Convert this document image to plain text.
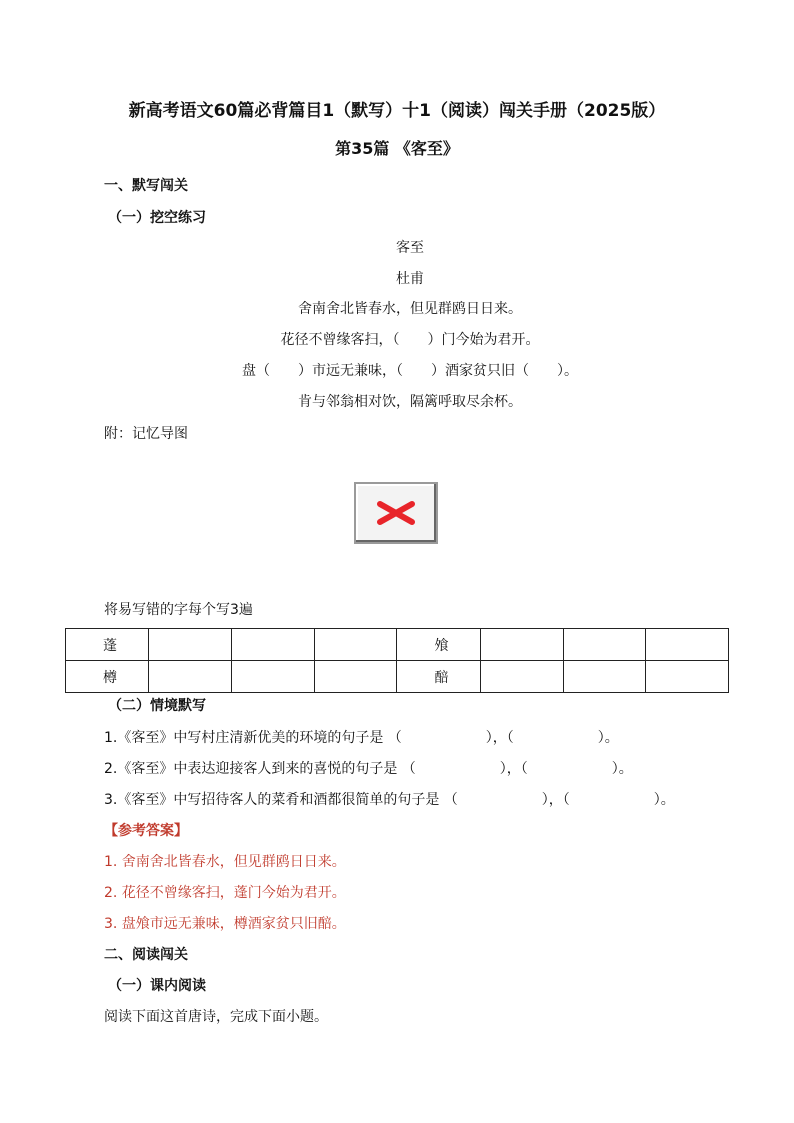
新高考语文60篇必背篇目1（默写）十1（阅读）闯关手册（2025版）
第35篇 《客至》
一、默写闯关
（一）挖空练习
客至
杜甫
舍南舍北皆春水，但见群鸥日日来。
花径不曾缘客扫，（　　）门今始为君开。
盘（　　）市远无兼味，（　　）酒家贫只旧（　　）。
肯与邻翁相对饮，隔篱呼取尽余杯。
附：记忆导图
将易写错的字每个写3遍
蓬				飧			
樽				醅			
（二）情境默写
1.《客至》中写村庄清新优美的环境的句子是 （　　　　　　），（　　　　　　）。
2.《客至》中表达迎接客人到来的喜悦的句子是 （　　　　　　），（　　　　　　）。
3.《客至》中写招待客人的菜肴和酒都很简单的句子是 （　　　　　　），（　　　　　　）。
【参考答案】
1. 舍南舍北皆春水，但见群鸥日日来。
2. 花径不曾缘客扫，蓬门今始为君开。
3. 盘飧市远无兼味，樽酒家贫只旧醅。
二、阅读闯关
（一）课内阅读
阅读下面这首唐诗，完成下面小题。
